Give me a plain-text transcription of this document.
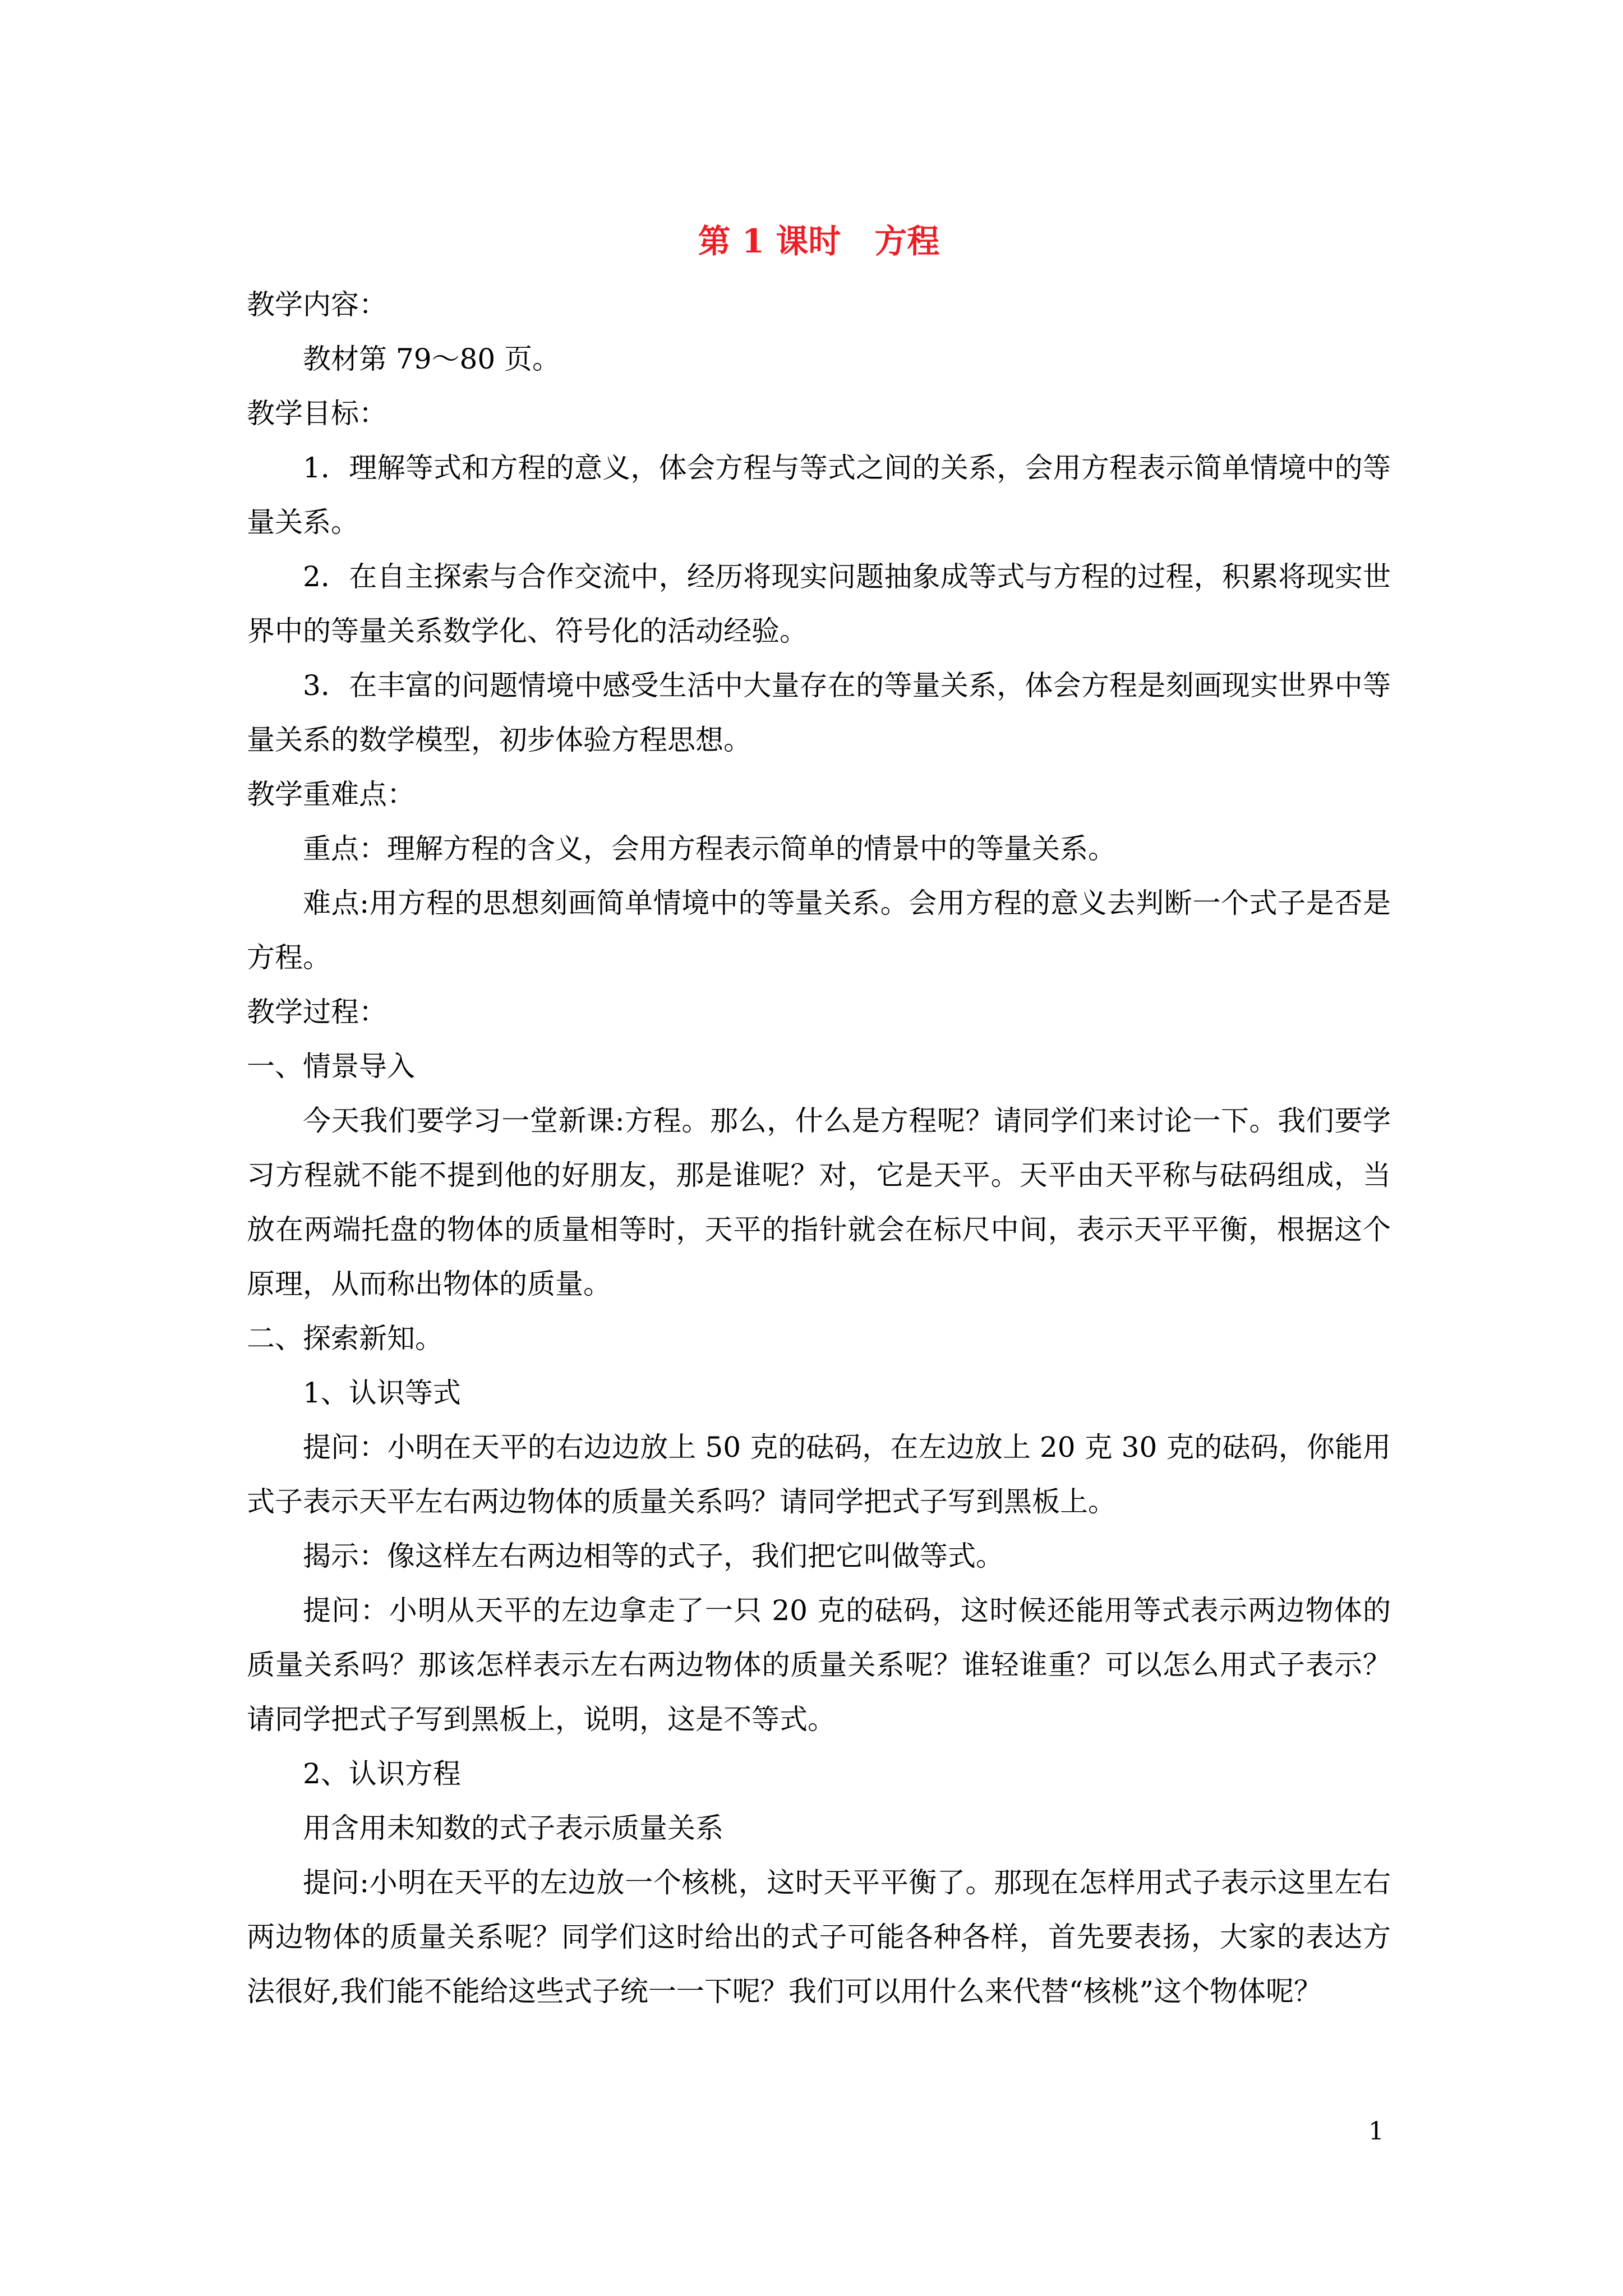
第 1 课时 方程

教学内容：

教材第 79～80 页。

教学目标：

1．理解等式和方程的意义，体会方程与等式之间的关系，会用方程表示简单情境中的等量关系。

2．在自主探索与合作交流中，经历将现实问题抽象成等式与方程的过程，积累将现实世界中的等量关系数学化、符号化的活动经验。

3．在丰富的问题情境中感受生活中大量存在的等量关系，体会方程是刻画现实世界中等量关系的数学模型，初步体验方程思想。

教学重难点：

重点：理解方程的含义，会用方程表示简单的情景中的等量关系。

难点:用方程的思想刻画简单情境中的等量关系。会用方程的意义去判断一个式子是否是方程。

教学过程：

一、情景导入

今天我们要学习一堂新课:方程。那么，什么是方程呢？请同学们来讨论一下。我们要学习方程就不能不提到他的好朋友，那是谁呢？对，它是天平。天平由天平称与砝码组成，当放在两端托盘的物体的质量相等时，天平的指针就会在标尺中间，表示天平平衡，根据这个原理，从而称出物体的质量。

二、探索新知。

1、认识等式

提问：小明在天平的右边边放上 50 克的砝码，在左边放上 20 克 30 克的砝码，你能用式子表示天平左右两边物体的质量关系吗？请同学把式子写到黑板上。

揭示：像这样左右两边相等的式子，我们把它叫做等式。

提问：小明从天平的左边拿走了一只 20 克的砝码，这时候还能用等式表示两边物体的质量关系吗？那该怎样表示左右两边物体的质量关系呢？谁轻谁重？可以怎么用式子表示？请同学把式子写到黑板上，说明，这是不等式。

2、认识方程

用含用未知数的式子表示质量关系

提问:小明在天平的左边放一个核桃，这时天平平衡了。那现在怎样用式子表示这里左右两边物体的质量关系呢？同学们这时给出的式子可能各种各样，首先要表扬，大家的表达方法很好,我们能不能给这些式子统一一下呢？我们可以用什么来代替“核桃”这个物体呢？

1
